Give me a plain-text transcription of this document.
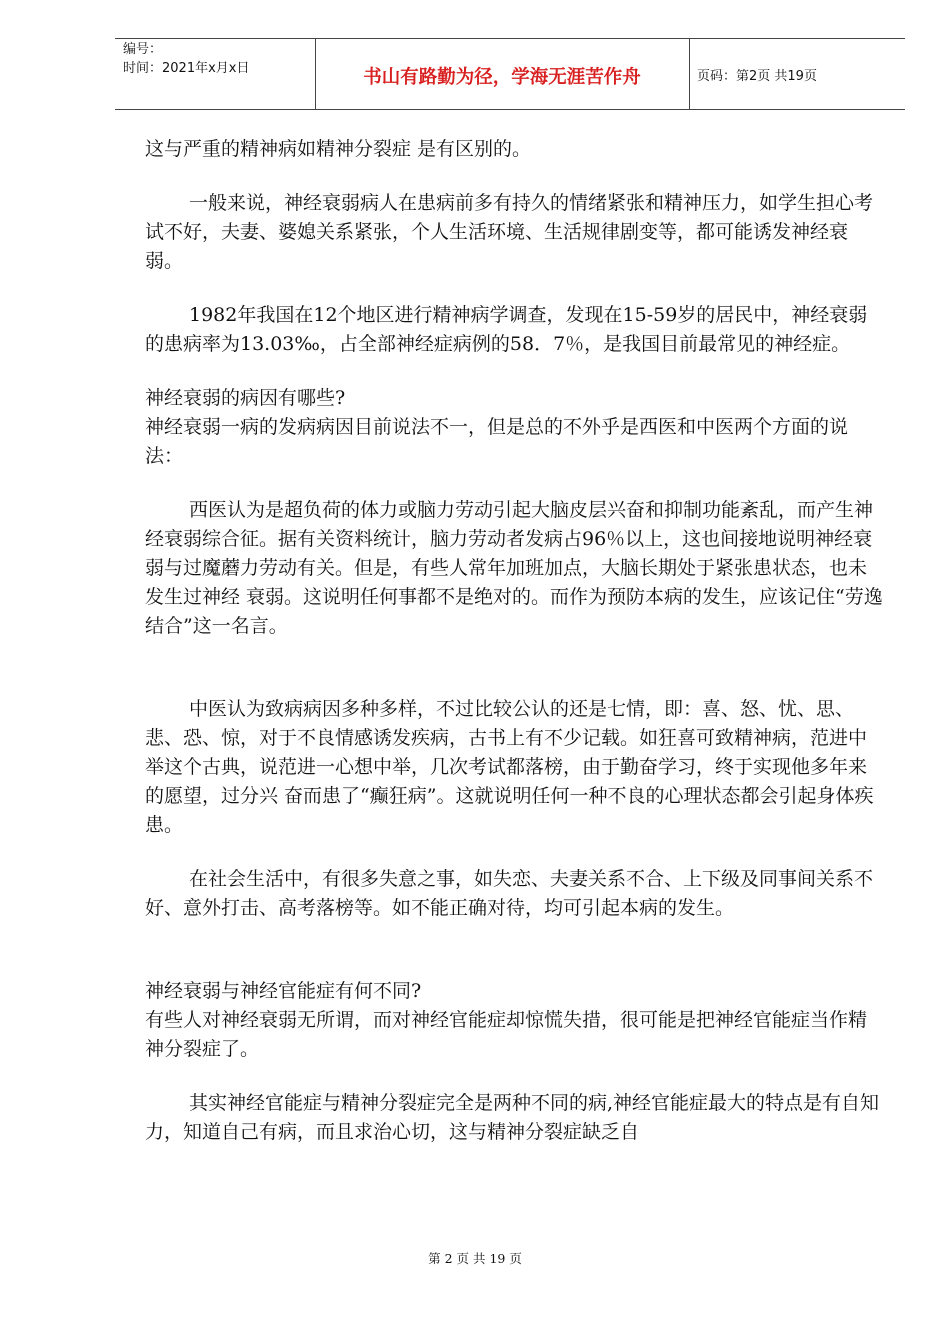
编号：
时间：2021年x月x日	书山有路勤为径，学海无涯苦作舟	页码：第2页 共19页

这与严重的精神病如精神分裂症 是有区别的。

一般来说，神经衰弱病人在患病前多有持久的情绪紧张和精神压力，如学生担心考试不好，夫妻、婆媳关系紧张，个人生活环境、生活规律剧变等，都可能诱发神经衰弱。

1982年我国在12个地区进行精神病学调查，发现在15-59岁的居民中，神经衰弱的患病率为13.03‰，占全部神经症病例的58．7％，是我国目前最常见的神经症。

神经衰弱的病因有哪些?

神经衰弱一病的发病病因目前说法不一，但是总的不外乎是西医和中医两个方面的说法：

西医认为是超负荷的体力或脑力劳动引起大脑皮层兴奋和抑制功能紊乱，而产生神经衰弱综合征。据有关资料统计，脑力劳动者发病占96％以上，这也间接地说明神经衰弱与过魔蘑力劳动有关。但是，有些人常年加班加点，大脑长期处于紧张患状态，也未发生过神经 衰弱。这说明任何事都不是绝对的。而作为预防本病的发生，应该记住“劳逸结合”这一名言。

中医认为致病病因多种多样，不过比较公认的还是七情，即：喜、怒、忧、思、悲、恐、惊，对于不良情感诱发疾病，古书上有不少记载。如狂喜可致精神病，范进中举这个古典，说范进一心想中举，几次考试都落榜，由于勤奋学习，终于实现他多年来的愿望，过分兴 奋而患了“癫狂病”。这就说明任何一种不良的心理状态都会引起身体疾患。

在社会生活中，有很多失意之事，如失恋、夫妻关系不合、上下级及同事间关系不好、意外打击、高考落榜等。如不能正确对待，均可引起本病的发生。

神经衰弱与神经官能症有何不同?

有些人对神经衰弱无所谓，而对神经官能症却惊慌失措，很可能是把神经官能症当作精神分裂症了。

其实神经官能症与精神分裂症完全是两种不同的病,神经官能症最大的特点是有自知力，知道自己有病，而且求治心切，这与精神分裂症缺乏自

第 2 页 共 19 页
